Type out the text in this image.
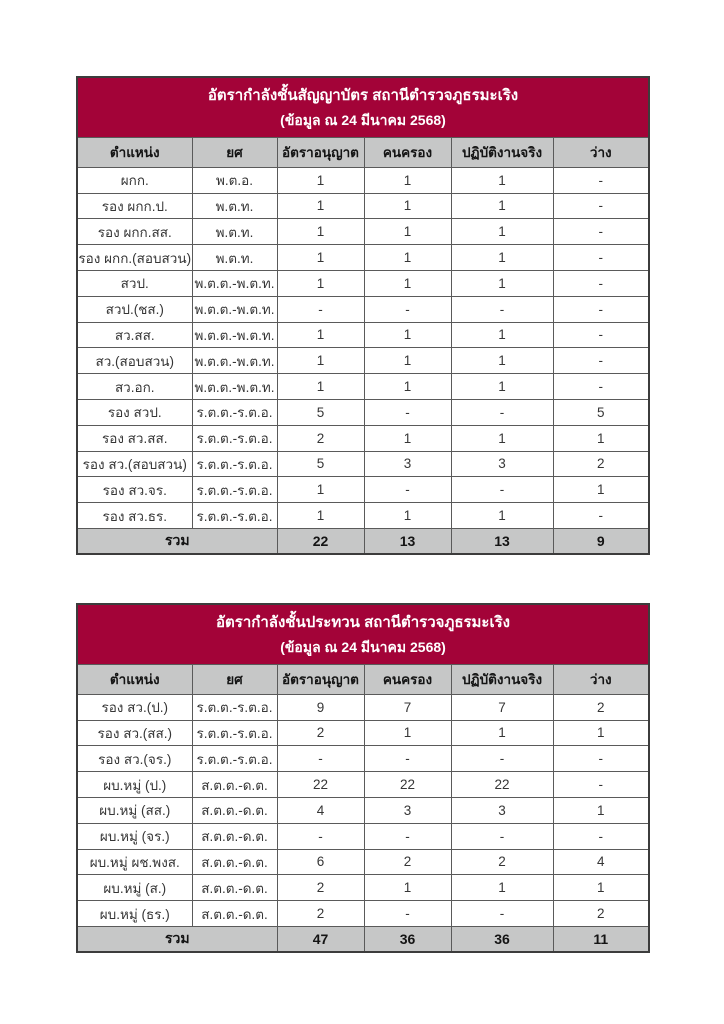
อัตรากำลังชั้นสัญญาบัตร สถานีตำรวจภูธรมะเริง
(ข้อมูล ณ 24 มีนาคม 2568)					

ตำแหน่ง	ยศ	อัตราอนุญาต	คนครอง	ปฏิบัติงานจริง	ว่าง
ผกก.	พ.ต.อ.	1	1	1	-
รอง ผกก.ป.	พ.ต.ท.	1	1	1	-
รอง ผกก.สส.	พ.ต.ท.	1	1	1	-
รอง ผกก.(สอบสวน)	พ.ต.ท.	1	1	1	-
สวป.	พ.ต.ต.-พ.ต.ท.	1	1	1	-
สวป.(ชส.)	พ.ต.ต.-พ.ต.ท.	-	-	-	-
สว.สส.	พ.ต.ต.-พ.ต.ท.	1	1	1	-
สว.(สอบสวน)	พ.ต.ต.-พ.ต.ท.	1	1	1	-
สว.อก.	พ.ต.ต.-พ.ต.ท.	1	1	1	-
รอง สวป.	ร.ต.ต.-ร.ต.อ.	5	-	-	5
รอง สว.สส.	ร.ต.ต.-ร.ต.อ.	2	1	1	1
รอง สว.(สอบสวน)	ร.ต.ต.-ร.ต.อ.	5	3	3	2
รอง สว.จร.	ร.ต.ต.-ร.ต.อ.	1	-	-	1
รอง สว.ธร.	ร.ต.ต.-ร.ต.อ.	1	1	1	-
รวม		22	13	13	9
อัตรากำลังชั้นประทวน สถานีตำรวจภูธรมะเริง
(ข้อมูล ณ 24 มีนาคม 2568)					

ตำแหน่ง	ยศ	อัตราอนุญาต	คนครอง	ปฏิบัติงานจริง	ว่าง
รอง สว.(ป.)	ร.ต.ต.-ร.ต.อ.	9	7	7	2
รอง สว.(สส.)	ร.ต.ต.-ร.ต.อ.	2	1	1	1
รอง สว.(จร.)	ร.ต.ต.-ร.ต.อ.	-	-	-	-
ผบ.หมู่ (ป.)	ส.ต.ต.-ด.ต.	22	22	22	-
ผบ.หมู่ (สส.)	ส.ต.ต.-ด.ต.	4	3	3	1
ผบ.หมู่ (จร.)	ส.ต.ต.-ด.ต.	-	-	-	-
ผบ.หมู่ ผช.พงส.	ส.ต.ต.-ด.ต.	6	2	2	4
ผบ.หมู่ (ส.)	ส.ต.ต.-ด.ต.	2	1	1	1
ผบ.หมู่ (ธร.)	ส.ต.ต.-ด.ต.	2	-	-	2
รวม		47	36	36	11
